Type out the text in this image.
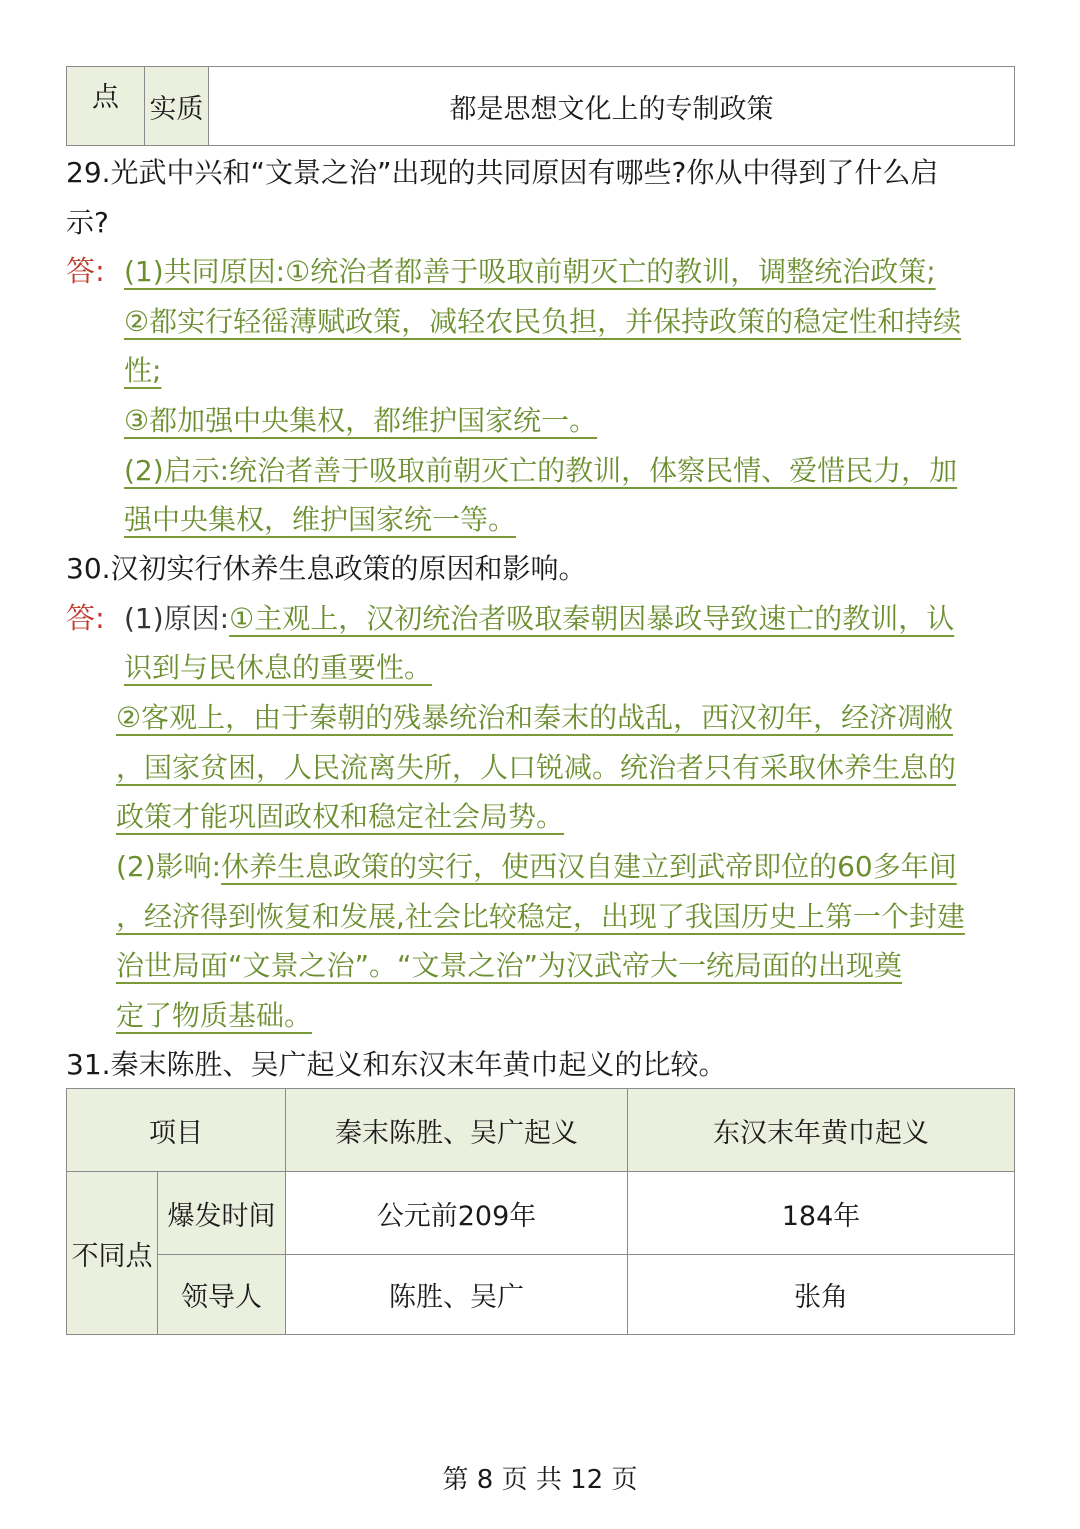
点	实质	都是思想文化上的专制政策
29.光武中兴和“文景之治”出现的共同原因有哪些?你从中得到了什么启
示?
答: (1)共同原因:①统治者都善于吸取前朝灭亡的教训，调整统治政策;
②都实行轻徭薄赋政策，减轻农民负担，并保持政策的稳定性和持续
性;
③都加强中央集权，都维护国家统一。
(2)启示:统治者善于吸取前朝灭亡的教训，体察民情、爱惜民力，加
强中央集权，维护国家统一等。
30.汉初实行休养生息政策的原因和影响。
答: (1)原因:①主观上，汉初统治者吸取秦朝因暴政导致速亡的教训，认
识到与民休息的重要性。
②客观上，由于秦朝的残暴统治和秦末的战乱，西汉初年，经济凋敝
，国家贫困，人民流离失所，人口锐减。统治者只有采取休养生息的
政策才能巩固政权和稳定社会局势。
(2)影响:休养生息政策的实行，使西汉自建立到武帝即位的60多年间
，经济得到恢复和发展,社会比较稳定，出现了我国历史上第一个封建
治世局面“文景之治”。“文景之治”为汉武帝大一统局面的出现奠
定了物质基础。
31.秦末陈胜、吴广起义和东汉末年黄巾起义的比较。
项目		秦末陈胜、吴广起义	东汉末年黄巾起义
不同点	爆发时间	公元前209年	184年
	领导人	陈胜、吴广	张角
第 8 页 共 12 页
